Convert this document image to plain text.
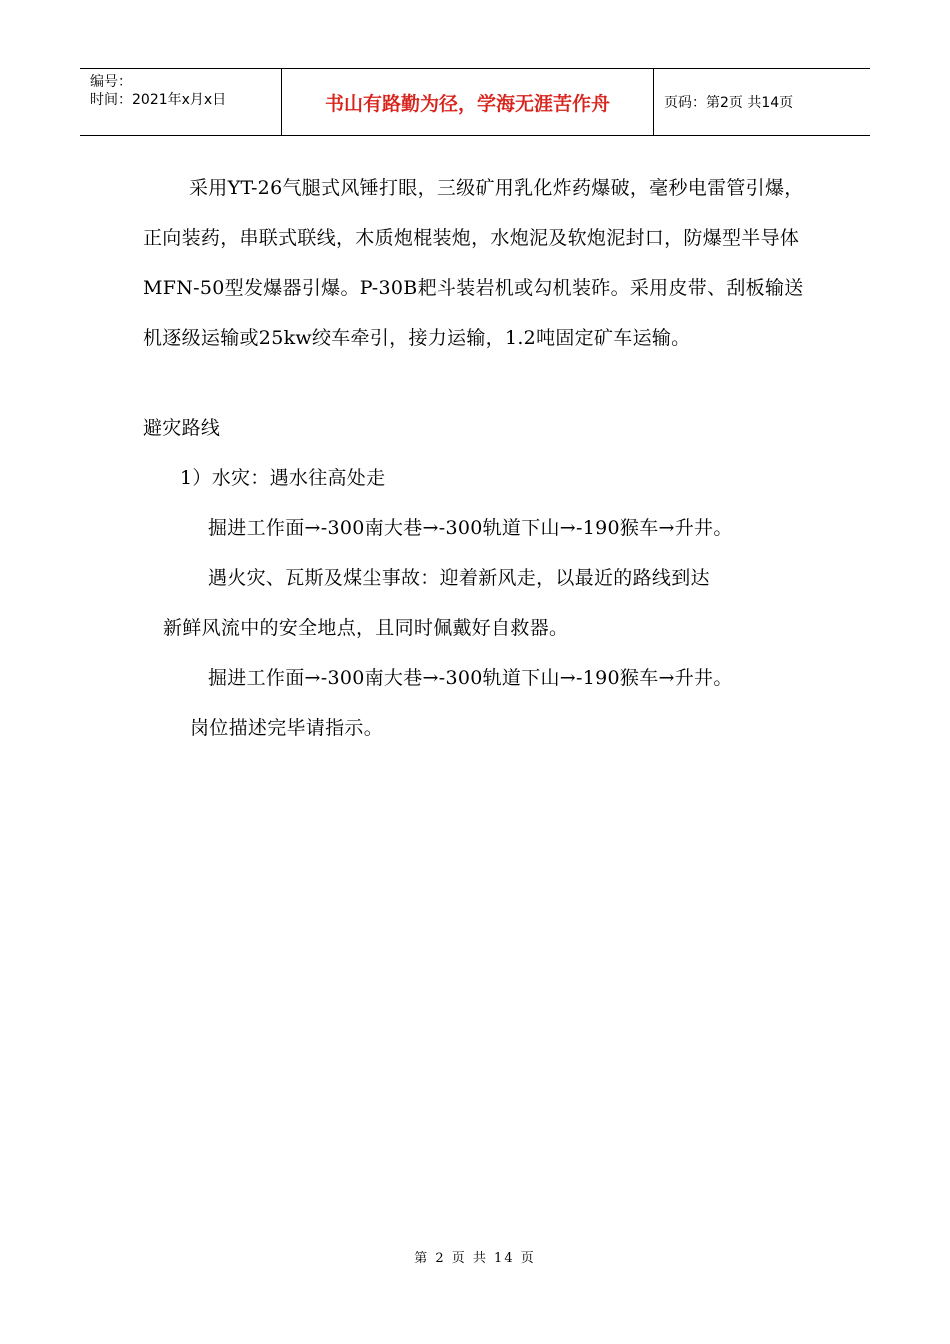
编号：
时间：2021年x月x日	书山有路勤为径，学海无涯苦作舟	页码：第2页 共14页

采用YT-26气腿式风锤打眼，三级矿用乳化炸药爆破，毫秒电雷管引爆，正向装药，串联式联线，木质炮棍装炮，水炮泥及软炮泥封口，防爆型半导体MFN-50型发爆器引爆。P-30B耙斗装岩机或勾机装砟。采用皮带、刮板输送机逐级运输或25kw绞车牵引，接力运输，1.2吨固定矿车运输。

避灾路线
1）水灾：遇水往高处走
掘进工作面→-300南大巷→-300轨道下山→-190猴车→升井。
遇火灾、瓦斯及煤尘事故：迎着新风走，以最近的路线到达
新鲜风流中的安全地点，且同时佩戴好自救器。
掘进工作面→-300南大巷→-300轨道下山→-190猴车→升井。
岗位描述完毕请指示。
第 2 页 共 14 页
